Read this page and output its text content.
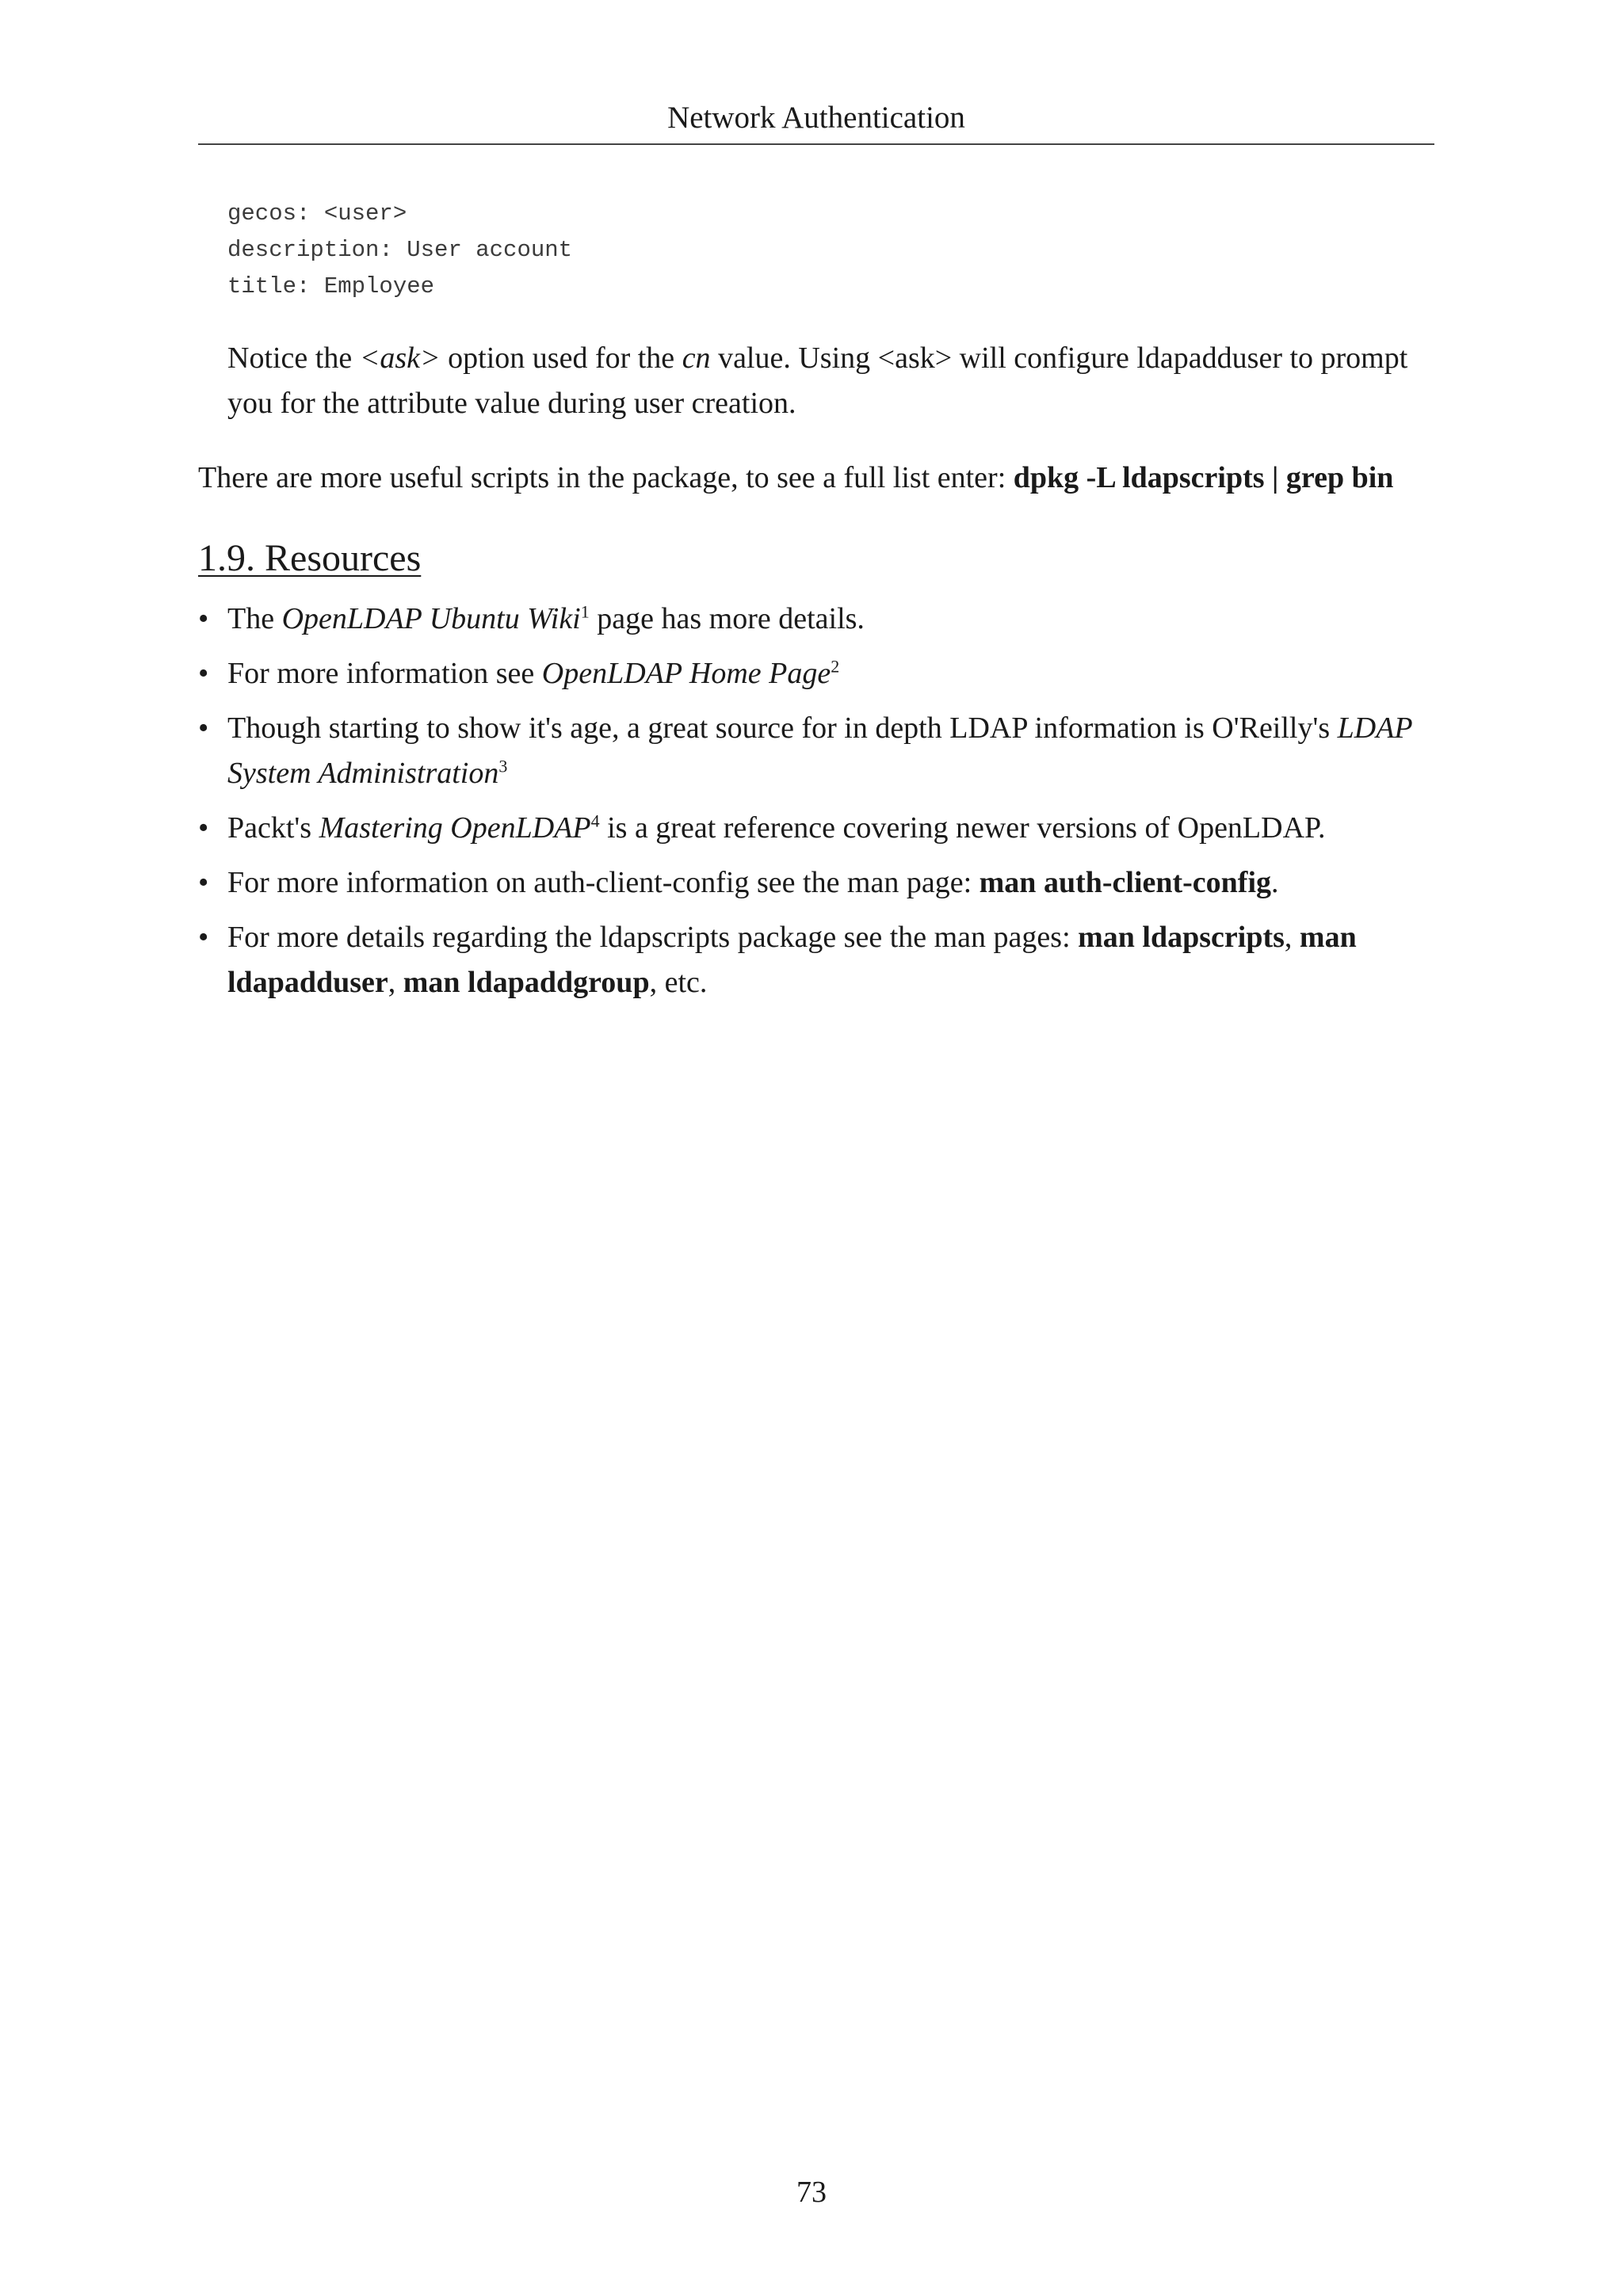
Network Authentication
gecos: <user>
description: User account
title: Employee

Notice the <ask> option used for the cn value. Using <ask> will configure ldapadduser to prompt you for the attribute value during user creation.

There are more useful scripts in the package, to see a full list enter: dpkg -L ldapscripts | grep bin

1.9. Resources
• The OpenLDAP Ubuntu Wiki$^1$ page has more details.
• For more information see OpenLDAP Home Page$^2$
• Though starting to show it's age, a great source for in depth LDAP information is O'Reilly's LDAP System Administration$^3$
• Packt's Mastering OpenLDAP$^4$ is a great reference covering newer versions of OpenLDAP.
• For more information on auth-client-config see the man page: man auth-client-config.
• For more details regarding the ldapscripts package see the man pages: man ldapscripts, man ldapadduser, man ldapaddgroup, etc.
73
